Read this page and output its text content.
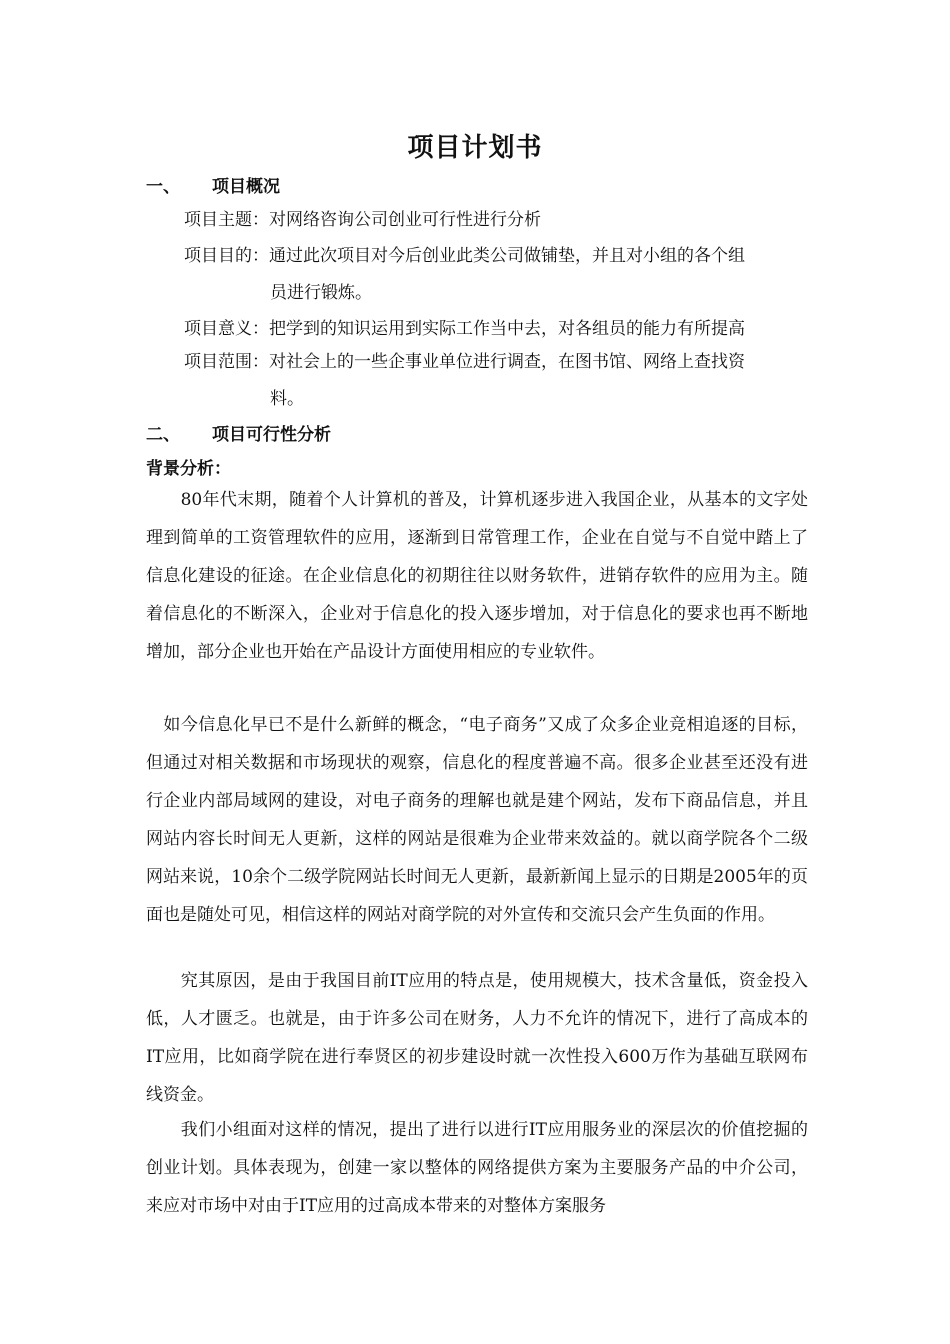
项目计划书
一、 项目概况
项目主题：对网络咨询公司创业可行性进行分析
项目目的：通过此次项目对今后创业此类公司做铺垫，并且对小组的各个组
员进行锻炼。
项目意义：把学到的知识运用到实际工作当中去，对各组员的能力有所提高
项目范围：对社会上的一些企事业单位进行调查，在图书馆、网络上查找资
料。
二、 项目可行性分析
背景分析：
　　80年代末期，随着个人计算机的普及，计算机逐步进入我国企业，从基本的文字处理到简单的工资管理软件的应用，逐渐到日常管理工作，企业在自觉与不自觉中踏上了信息化建设的征途。在企业信息化的初期往往以财务软件，进销存软件的应用为主。随着信息化的不断深入，企业对于信息化的投入逐步增加，对于信息化的要求也再不断地增加，部分企业也开始在产品设计方面使用相应的专业软件。
　如今信息化早已不是什么新鲜的概念，“电子商务”又成了众多企业竞相追逐的目标，但通过对相关数据和市场现状的观察，信息化的程度普遍不高。很多企业甚至还没有进行企业内部局域网的建设，对电子商务的理解也就是建个网站，发布下商品信息，并且网站内容长时间无人更新，这样的网站是很难为企业带来效益的。就以商学院各个二级网站来说，10余个二级学院网站长时间无人更新，最新新闻上显示的日期是2005年的页面也是随处可见，相信这样的网站对商学院的对外宣传和交流只会产生负面的作用。
　　究其原因，是由于我国目前IT应用的特点是，使用规模大，技术含量低，资金投入低，人才匮乏。也就是，由于许多公司在财务，人力不允许的情况下，进行了高成本的IT应用，比如商学院在进行奉贤区的初步建设时就一次性投入600万作为基础互联网布线资金。
　　我们小组面对这样的情况，提出了进行以进行IT应用服务业的深层次的价值挖掘的创业计划。具体表现为，创建一家以整体的网络提供方案为主要服务产品的中介公司，来应对市场中对由于IT应用的过高成本带来的对整体方案服务
